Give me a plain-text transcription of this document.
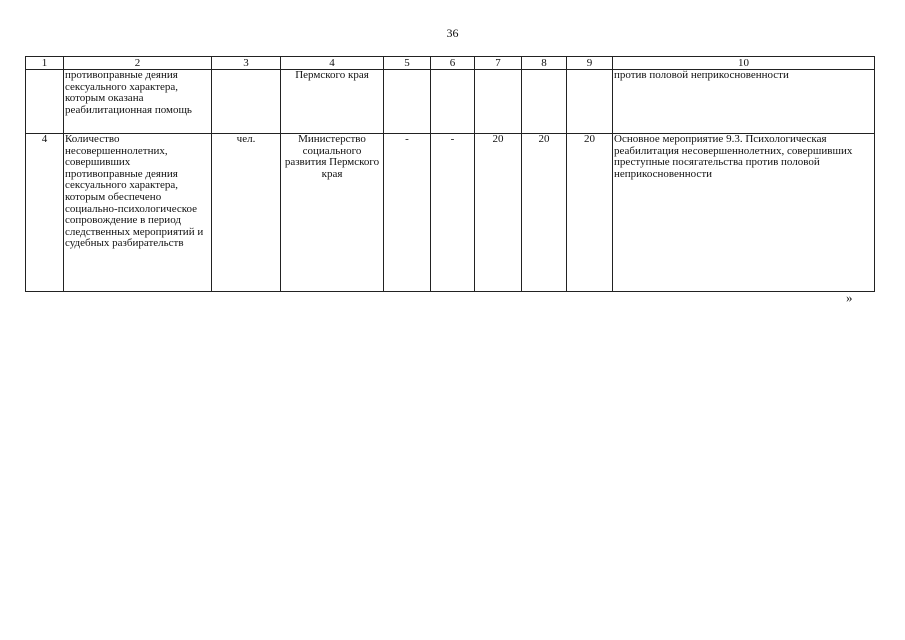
36
1	2	3	4	5	6	7	8	9	10
	противоправные деяния сексуального характера, которым оказана реабилитационная помощь		Пермского края						против половой неприкосновенности
4	Количество несовершеннолетних, совершивших противоправные деяния сексуального характера, которым обеспечено социально-психологическое сопровождение в период следственных мероприятий и судебных разбирательств	чел.	Министерство социального развития Пермского края	-	-	20	20	20	Основное мероприятие 9.3. Психологическая реабилитация несовершеннолетних, совершивших преступные посягательства против половой неприкосновенности
»
